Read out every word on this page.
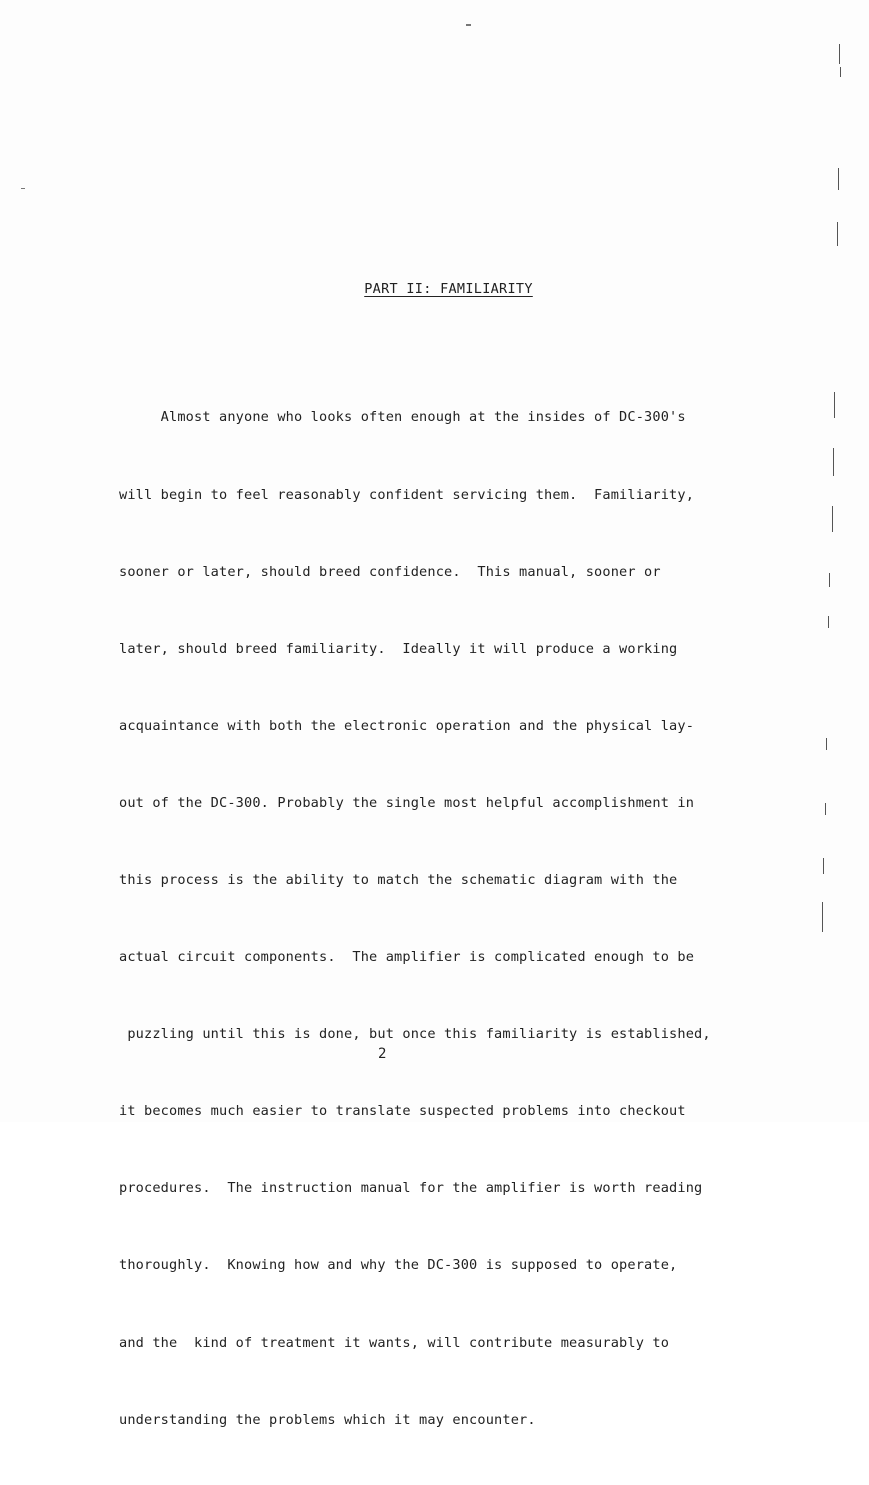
PART II: FAMILIARITY

Almost anyone who looks often enough at the insides of DC-300's

will begin to feel reasonably confident servicing them.  Familiarity,

sooner or later, should breed confidence.  This manual, sooner or

later, should breed familiarity.  Ideally it will produce a working

acquaintance with both the electronic operation and the physical lay-

out of the DC-300. Probably the single most helpful accomplishment in

this process is the ability to match the schematic diagram with the

actual circuit components.  The amplifier is complicated enough to be

puzzling until this is done, but once this familiarity is established,

it becomes much easier to translate suspected problems into checkout

procedures.  The instruction manual for the amplifier is worth reading

thoroughly.  Knowing how and why the DC-300 is supposed to operate,

and the  kind of treatment it wants, will contribute measurably to

understanding the problems which it may encounter.

2
